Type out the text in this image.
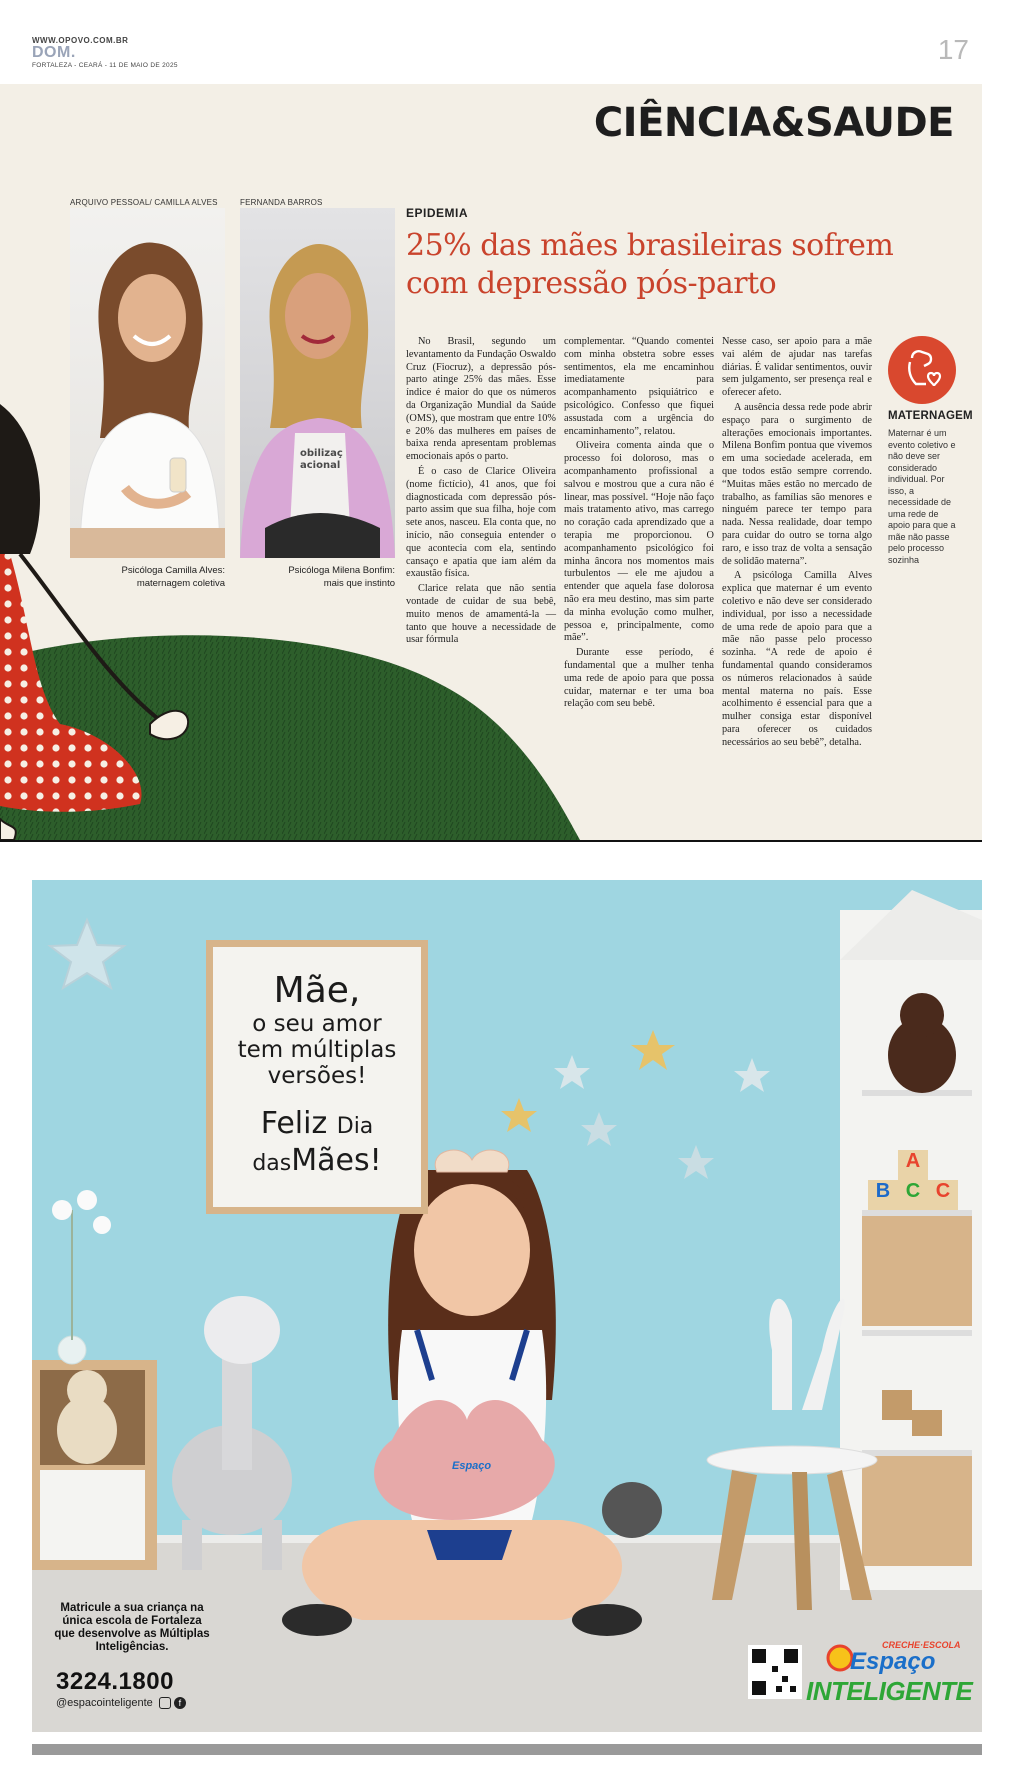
WWW.OPOVO.COM.BR
DOM.
FORTALEZA - CEARÁ - 11 DE MAIO DE 2025
17
CIÊNCIA&SAUDE
ARQUIVO PESSOAL/ CAMILLA ALVES
Psicóloga Camilla Alves:
maternagem coletiva
FERNANDA BARROS
obilizaç
acional
Psicóloga Milena Bonfim:
mais que instinto
EPIDEMIA
25% das mães brasileiras sofrem com depressão pós-parto

No Brasil, segundo um levantamento da Fundação Oswaldo Cruz (Fiocruz), a depressão pós-parto atinge 25% das mães. Esse índice é maior do que os números da Organização Mundial da Saúde (OMS), que mostram que entre 10% e 20% das mulheres em países de baixa renda apresentam problemas emocionais após o parto.

É o caso de Clarice Oliveira (nome fictício), 41 anos, que foi diagnosticada com depressão pós-parto assim que sua filha, hoje com sete anos, nasceu. Ela conta que, no início, não conseguia entender o que acontecia com ela, sentindo cansaço e apatia que iam além da exaustão física.

Clarice relata que não sentia vontade de cuidar de sua bebê, muito menos de amamentá-la — tanto que houve a necessidade de usar fórmula

complementar. “Quando comentei com minha obstetra sobre esses sentimentos, ela me encaminhou imediatamente para acompanhamento psiquiátrico e psicológico. Confesso que fiquei assustada com a urgência do encaminhamento”, relatou.

Oliveira comenta ainda que o processo foi doloroso, mas o acompanhamento profissional a salvou e mostrou que a cura não é linear, mas possível. “Hoje não faço mais tratamento ativo, mas carrego no coração cada aprendizado que a terapia me proporcionou. O acompanhamento psicológico foi minha âncora nos momentos mais turbulentos — ele me ajudou a entender que aquela fase dolorosa não era meu destino, mas sim parte da minha evolução como mulher, pessoa e, principalmente, como mãe”.

Durante esse período, é fundamental que a mulher tenha uma rede de apoio para que possa cuidar, maternar e ter uma boa relação com seu bebê.

Nesse caso, ser apoio para a mãe vai além de ajudar nas tarefas diárias. É validar sentimentos, ouvir sem julgamento, ser presença real e oferecer afeto.

A ausência dessa rede pode abrir espaço para o surgimento de alterações emocionais importantes. Milena Bonfim pontua que vivemos em uma sociedade acelerada, em que todos estão sempre correndo. “Muitas mães estão no mercado de trabalho, as famílias são menores e ninguém parece ter tempo para nada. Nessa realidade, doar tempo para cuidar do outro se torna algo raro, e isso traz de volta a sensação de solidão materna”.

A psicóloga Camilla Alves explica que maternar é um evento coletivo e não deve ser considerado individual, por isso a necessidade de uma rede de apoio para que a mãe não passe pelo processo sozinha. “A rede de apoio é fundamental quando consideramos os números relacionados à saúde mental materna no país. Esse acolhimento é essencial para que a mulher consiga estar disponível para oferecer os cuidados necessários ao seu bebê”, detalha.

MATERNAGEM
Maternar é um evento coletivo e não deve ser considerado individual. Por isso, a necessidade de uma rede de apoio para que a mãe não passe pelo processo sozinha
A
B C C
Mãe,
o seu amor
tem múltiplas
versões!
Feliz Dia
dasMães!
Espaço
Matricule a sua criança na única escola de Fortaleza que desenvolve as Múltiplas Inteligências.
3224.1800
@espacointeligente	f
CRECHE·ESCOLA
Espaço
INTELIGENTE
